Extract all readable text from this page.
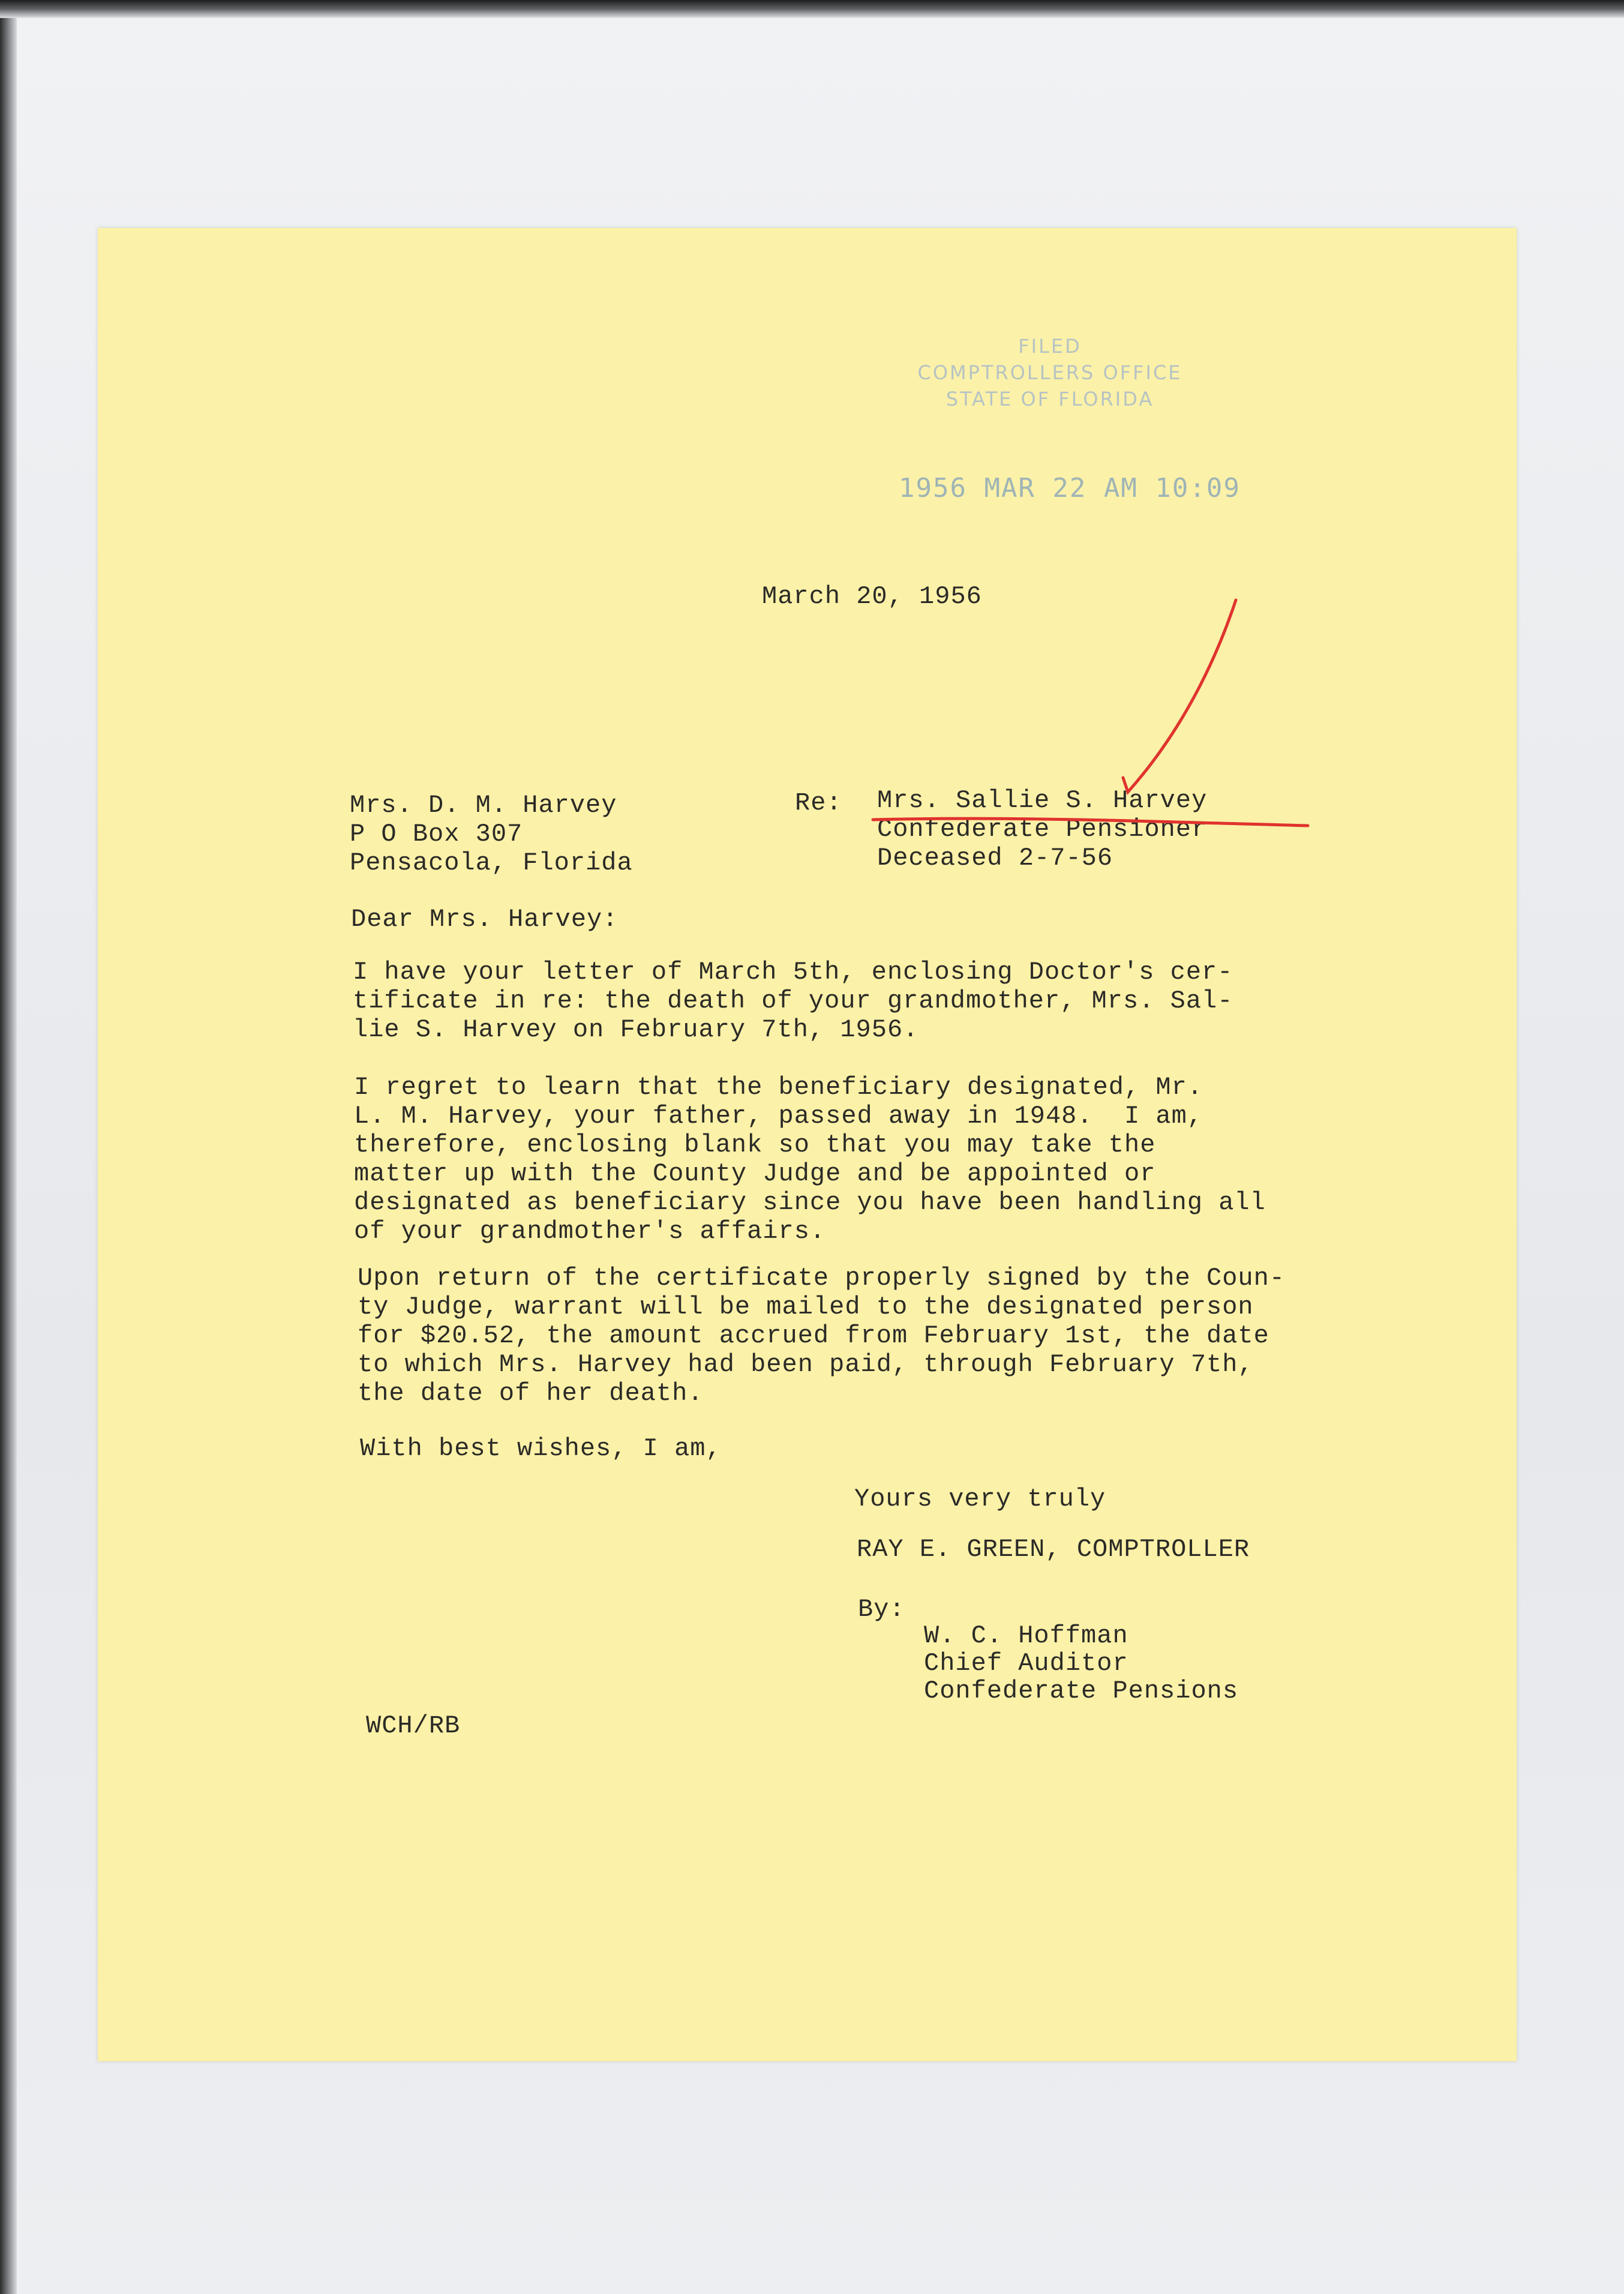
FILED
COMPTROLLERS OFFICE
STATE OF FLORIDA
1956 MAR 22 AM 10:09
March 20, 1956
Mrs. D. M. Harvey
P O Box 307
Pensacola, Florida
Re: Mrs. Sallie S. Harvey
Confederate Pensioner
Deceased 2-7-56
Dear Mrs. Harvey:
I have your letter of March 5th, enclosing Doctor's cer-
tificate in re: the death of your grandmother, Mrs. Sal-
lie S. Harvey on February 7th, 1956.
I regret to learn that the beneficiary designated, Mr.
L. M. Harvey, your father, passed away in 1948.  I am,
therefore, enclosing blank so that you may take the
matter up with the County Judge and be appointed or
designated as beneficiary since you have been handling all
of your grandmother's affairs.
Upon return of the certificate properly signed by the Coun-
ty Judge, warrant will be mailed to the designated person
for $20.52, the amount accrued from February 1st, the date
to which Mrs. Harvey had been paid, through February 7th,
the date of her death.
With best wishes, I am,
Yours very truly
RAY E. GREEN, COMPTROLLER
By:
W. C. Hoffman
Chief Auditor
Confederate Pensions
WCH/RB
